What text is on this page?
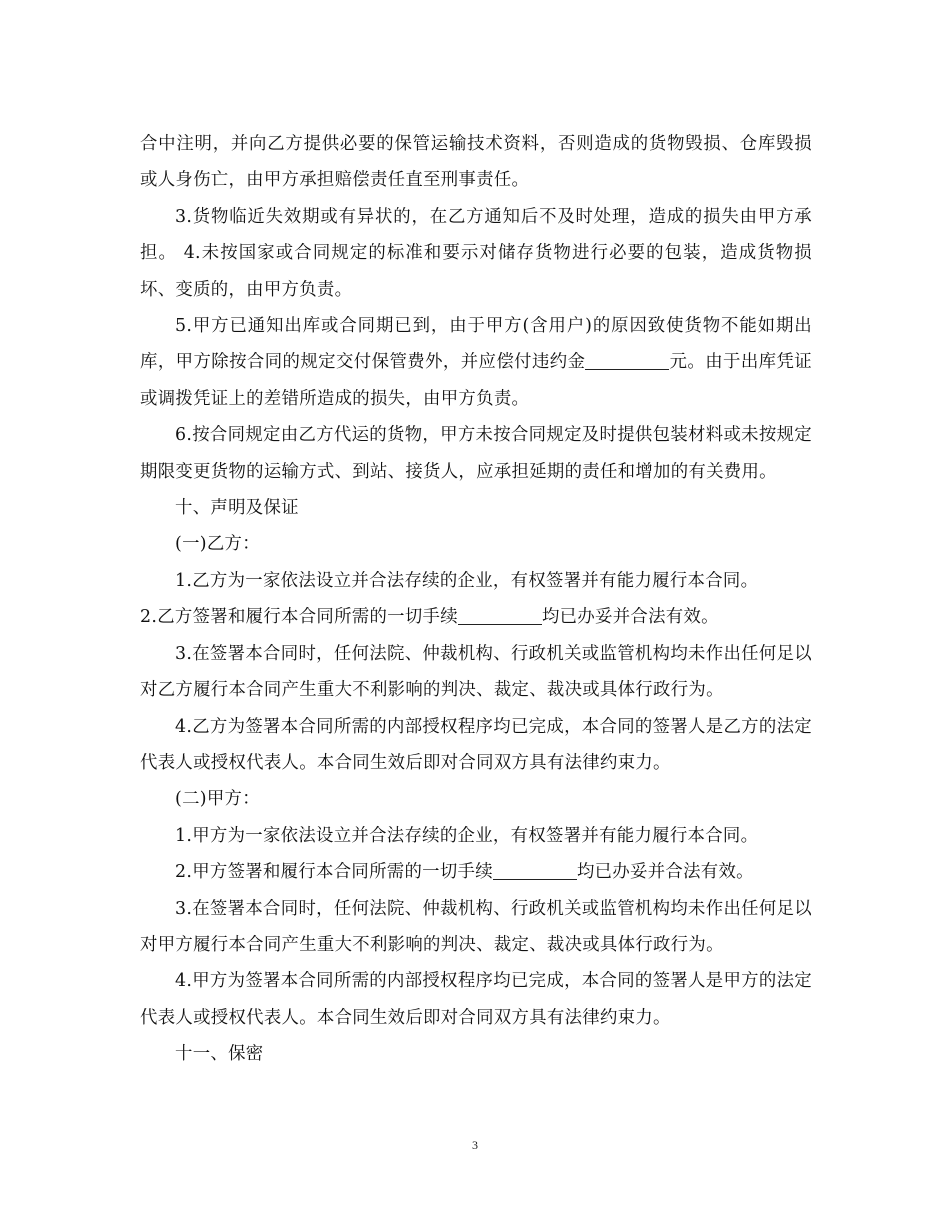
合中注明，并向乙方提供必要的保管运输技术资料，否则造成的货物毁损、仓库毁损或人身伤亡，由甲方承担赔偿责任直至刑事责任。

3.货物临近失效期或有异状的，在乙方通知后不及时处理，造成的损失由甲方承担。 4.未按国家或合同规定的标准和要示对储存货物进行必要的包装，造成货物损坏、变质的，由甲方负责。

5.甲方已通知出库或合同期已到，由于甲方(含用户)的原因致使货物不能如期出库，甲方除按合同的规定交付保管费外，并应偿付违约金	元。由于出库凭证或调拨凭证上的差错所造成的损失，由甲方负责。

6.按合同规定由乙方代运的货物，甲方未按合同规定及时提供包装材料或未按规定期限变更货物的运输方式、到站、接货人，应承担延期的责任和增加的有关费用。

十、声明及保证

(一)乙方：

1.乙方为一家依法设立并合法存续的企业，有权签署并有能力履行本合同。

2.乙方签署和履行本合同所需的一切手续	均已办妥并合法有效。

3.在签署本合同时，任何法院、仲裁机构、行政机关或监管机构均未作出任何足以对乙方履行本合同产生重大不利影响的判决、裁定、裁决或具体行政行为。

4.乙方为签署本合同所需的内部授权程序均已完成，本合同的签署人是乙方的法定代表人或授权代表人。本合同生效后即对合同双方具有法律约束力。

(二)甲方：

1.甲方为一家依法设立并合法存续的企业，有权签署并有能力履行本合同。

2.甲方签署和履行本合同所需的一切手续	均已办妥并合法有效。

3.在签署本合同时，任何法院、仲裁机构、行政机关或监管机构均未作出任何足以对甲方履行本合同产生重大不利影响的判决、裁定、裁决或具体行政行为。

4.甲方为签署本合同所需的内部授权程序均已完成，本合同的签署人是甲方的法定代表人或授权代表人。本合同生效后即对合同双方具有法律约束力。

十一、保密

3
